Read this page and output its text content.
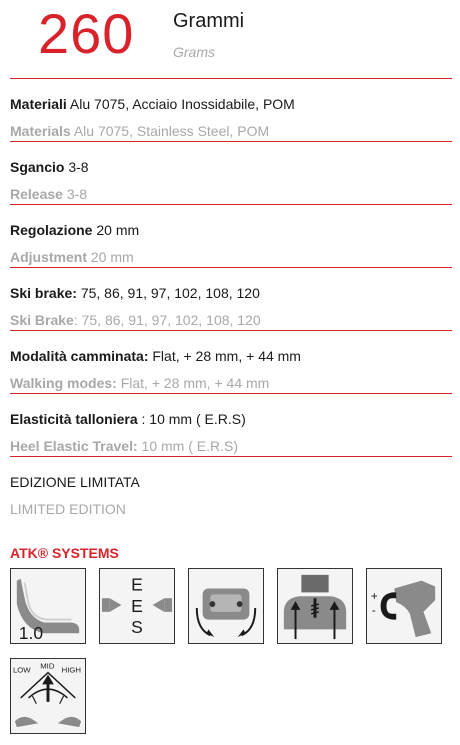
260 Grammi
Grams
Materiali Alu 7075, Acciaio Inossidabile, POM
Materials Alu 7075, Stainless Steel, POM
Sgancio 3-8
Release 3-8
Regolazione 20 mm
Adjustment 20 mm
Ski brake: 75, 86, 91, 97, 102, 108, 120
Ski Brake: 75, 86, 91, 97, 102, 108, 120
Modalità camminata: Flat, + 28 mm, + 44 mm
Walking modes: Flat, + 28 mm, + 44 mm
Elasticità talloniera : 10 mm ( E.R.S)
Heel Elastic Travel: 10 mm ( E.R.S)
EDIZIONE LIMITATA
LIMITED EDITION
ATK® SYSTEMS
1.0
E
E
S
+
-
LOW MID HIGH
